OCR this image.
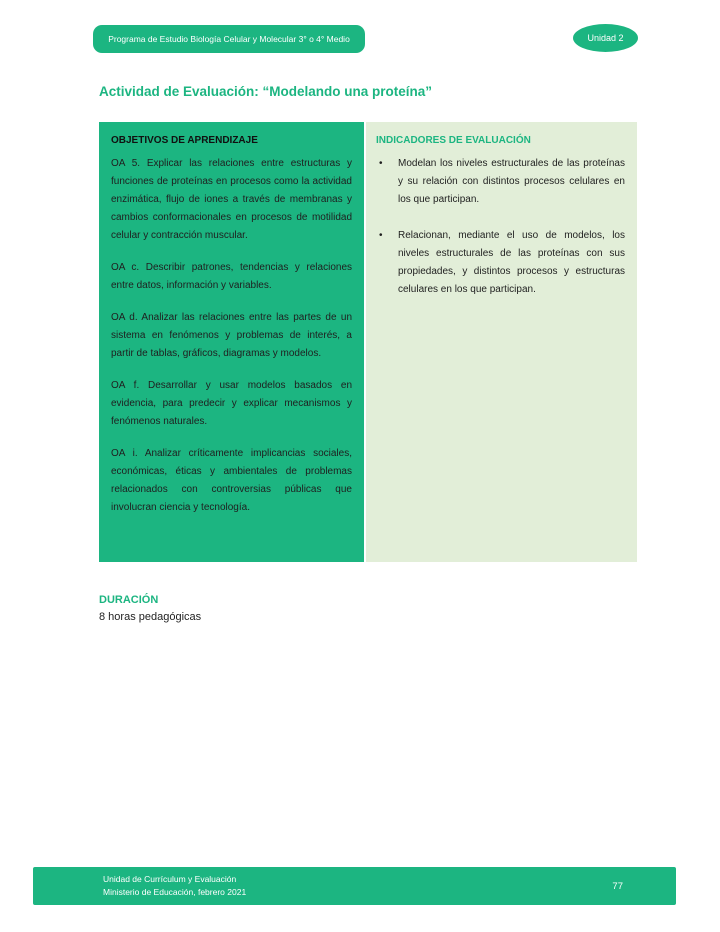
Programa de Estudio Biología Celular y Molecular 3° o 4° Medio	Unidad 2
Actividad de Evaluación: “Modelando una proteína”
OBJETIVOS DE APRENDIZAJE

OA 5. Explicar las relaciones entre estructuras y funciones de proteínas en procesos como la actividad enzimática, flujo de iones a través de membranas y cambios conformacionales en procesos de motilidad celular y contracción muscular.

OA c. Describir patrones, tendencias y relaciones entre datos, información y variables.

OA d. Analizar las relaciones entre las partes de un sistema en fenómenos y problemas de interés, a partir de tablas, gráficos, diagramas y modelos.

OA f. Desarrollar y usar modelos basados en evidencia, para predecir y explicar mecanismos y fenómenos naturales.

OA i. Analizar críticamente implicancias sociales, económicas, éticas y ambientales de problemas relacionados con controversias públicas que involucran ciencia y tecnología.

INDICADORES DE EVALUACIÓN
•	Modelan los niveles estructurales de las proteínas y su relación con distintos procesos celulares en los que participan.

•	Relacionan, mediante el uso de modelos, los niveles estructurales de las proteínas con sus propiedades, y distintos procesos y estructuras celulares en los que participan.

DURACIÓN
8 horas pedagógicas
Unidad de Currículum y Evaluación
Ministerio de Educación, febrero 2021
77
